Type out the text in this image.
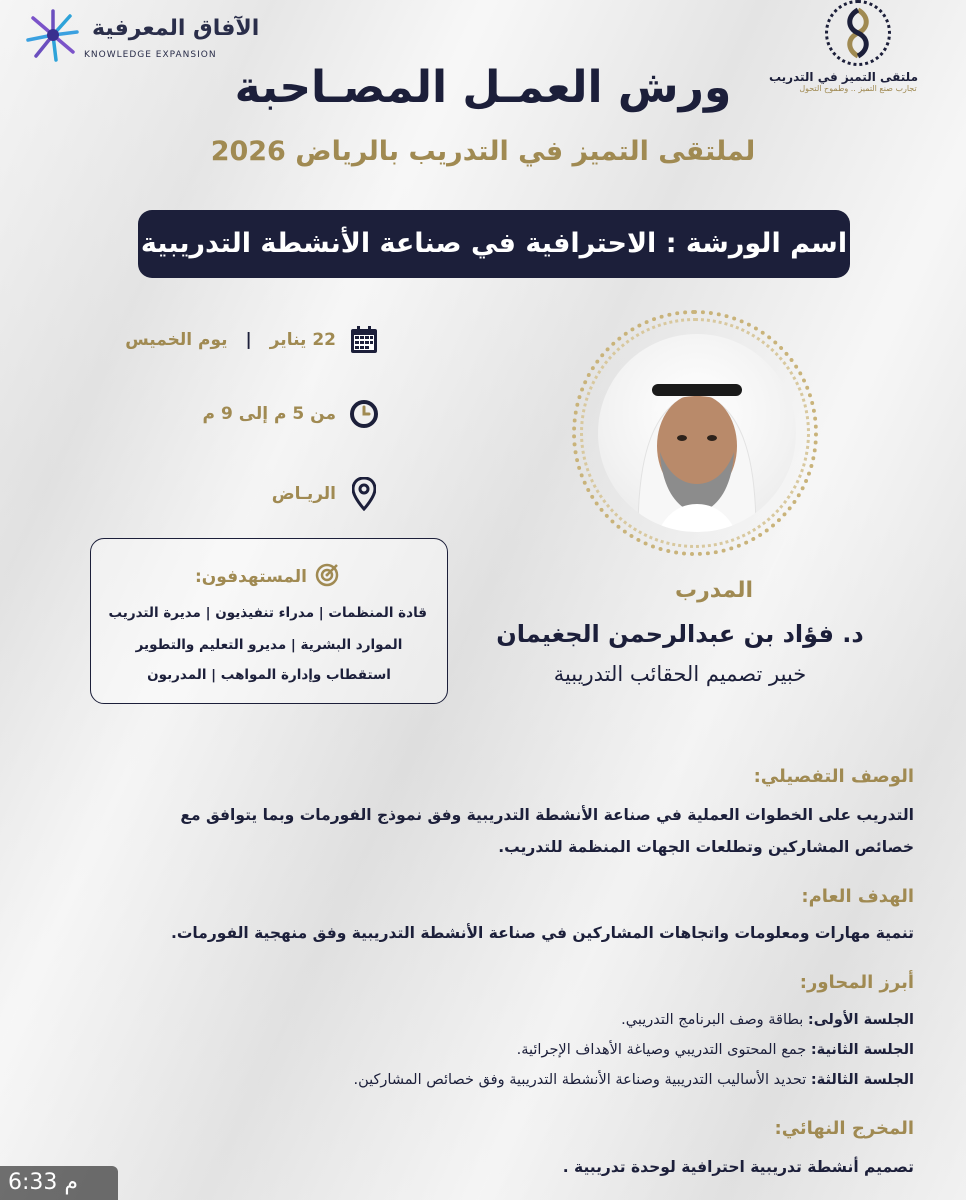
ملتقى التميز في التدريب
تجارب صنع التميز .. وطموح التحول
الآفاق المعرفية
KNOWLEDGE EXPANSION
ورش العمـل المصـاحبة
لملتقى التميز في التدريب بالرياض 2026
اسم الورشة : الاحترافية في صناعة الأنشطة التدريبية
22 يناير
|
يوم الخميس
من 5 م إلى 9 م
الريـاض
المستهدفون:
قادة المنظمات | مدراء تنفيذيون | مديرة التدريب
الموارد البشرية | مديرو التعليم والتطوير
استقطاب وإدارة المواهب | المدربون
المدرب
د. فؤاد بن عبدالرحمن الجغيمان
خبير تصميم الحقائب التدريبية
الوصف التفصيلي:
التدريب على الخطوات العملية في صناعة الأنشطة التدريبية وفق نموذج الفورمات وبما يتوافق مع
خصائص المشاركين وتطلعات الجهات المنظمة للتدريب.
الهدف العام:
تنمية مهارات ومعلومات واتجاهات المشاركين في صناعة الأنشطة التدريبية وفق منهجية الفورمات.
أبرز المحاور:
الجلسة الأولى: بطاقة وصف البرنامج التدريبي.
الجلسة الثانية: جمع المحتوى التدريبي وصياغة الأهداف الإجرائية.
الجلسة الثالثة: تحديد الأساليب التدريبية وصناعة الأنشطة التدريبية وفق خصائص المشاركين.
المخرج النهائي:
تصميم أنشطة تدريبية احترافية لوحدة تدريبية .
6:33 م
